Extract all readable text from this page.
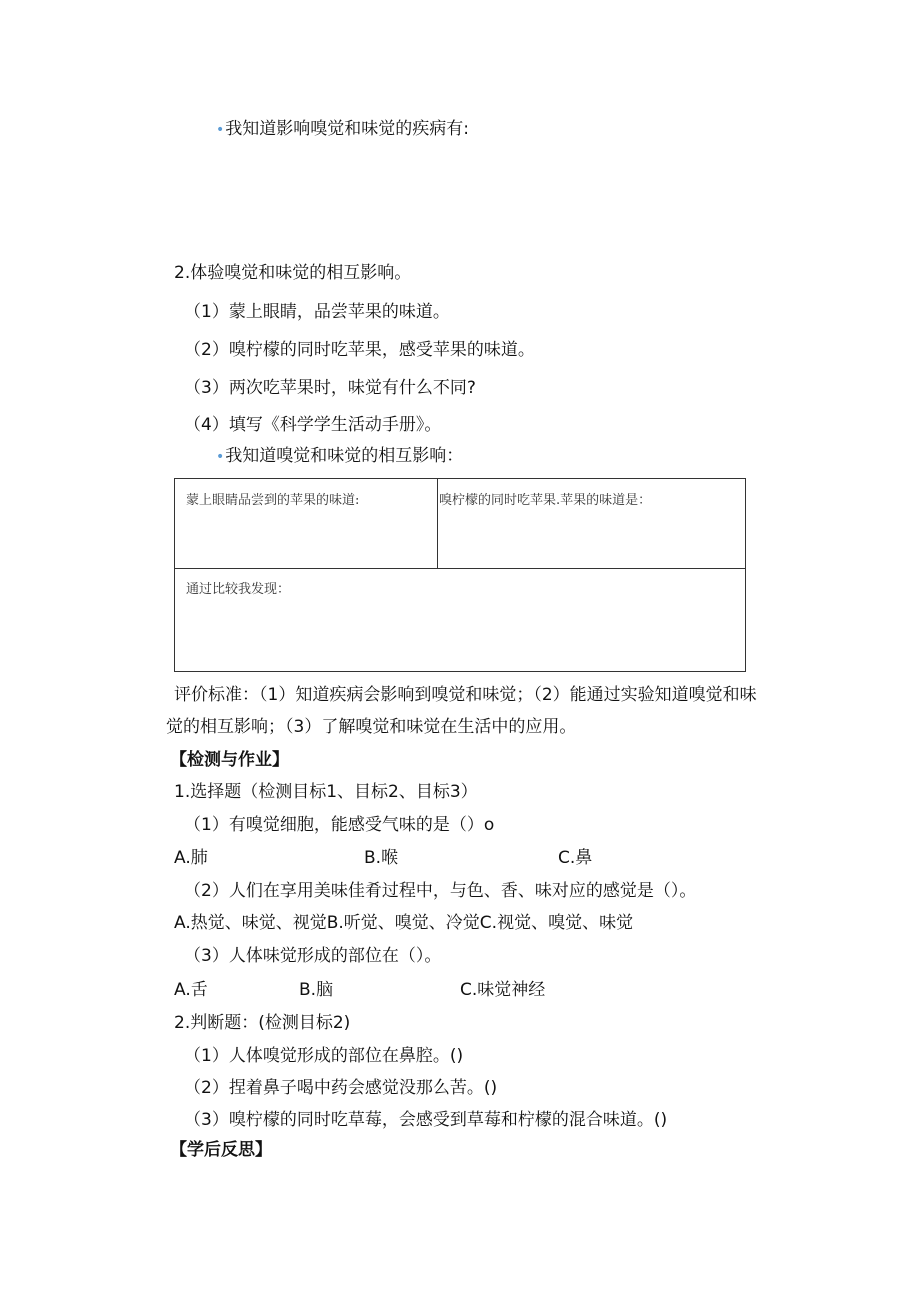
•我知道影响嗅觉和味觉的疾病有:
2.体验嗅觉和味觉的相互影响。
（1）蒙上眼睛，品尝苹果的味道。
（2）嗅柠檬的同时吃苹果，感受苹果的味道。
（3）两次吃苹果时，味觉有什么不同?
（4）填写《科学学生活动手册》。
•我知道嗅觉和味觉的相互影响：
蒙上眼睛品尝到的苹果的味道:	嗅柠檬的同时吃苹果.苹果的味道是：
通过比较我发现：
评价标准：（1）知道疾病会影响到嗅觉和味觉；（2）能通过实验知道嗅觉和味
觉的相互影响；（3）了解嗅觉和味觉在生活中的应用。
【检测与作业】
1.选择题（检测目标1、目标2、目标3）
（1）有嗅觉细胞，能感受气味的是（）o
A.肺	B.喉	C.鼻
（2）人们在享用美味佳肴过程中，与色、香、味对应的感觉是（）。
A.热觉、味觉、视觉B.听觉、嗅觉、冷觉C.视觉、嗅觉、味觉
（3）人体味觉形成的部位在（）。
A.舌	B.脑	C.味觉神经
2.判断题：(检测目标2)
（1）人体嗅觉形成的部位在鼻腔。()
（2）捏着鼻子喝中药会感觉没那么苦。()
（3）嗅柠檬的同时吃草莓，会感受到草莓和柠檬的混合味道。()
【学后反思】
